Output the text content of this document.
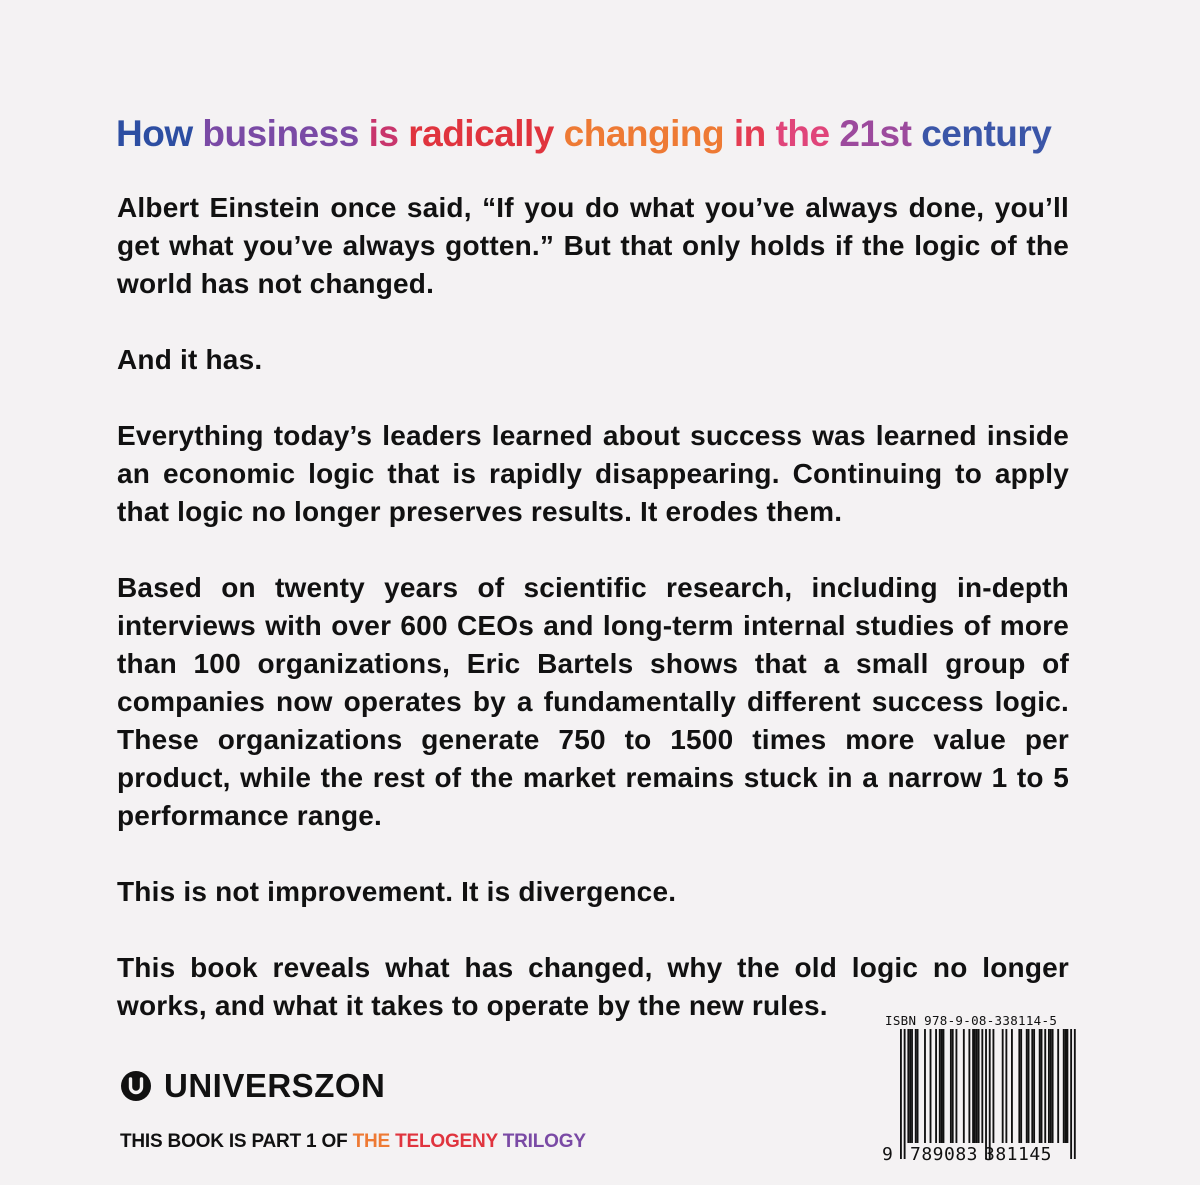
How business is radically changing in the 21st century

Albert Einstein once said, “If you do what you’ve always done, you’ll get what you’ve always gotten.” But that only holds if the logic of the world has not changed.

And it has.

Everything today’s leaders learned about success was learned inside an economic logic that is rapidly disappearing. Continuing to apply that logic no longer preserves results. It erodes them.

Based on twenty years of scientific research, including in-depth interviews with over 600 CEOs and long-term internal studies of more than 100 organizations, Eric Bartels shows that a small group of companies now operates by a fundamentally different success logic. These organizations generate 750 to 1500 times more value per product, while the rest of the market remains stuck in a narrow 1 to 5 performance range.

This is not improvement. It is divergence.

This book reveals what has changed, why the old logic no longer works, and what it takes to operate by the new rules.

UNIVERSZON
THIS BOOK IS PART 1 OF THE TELOGENY TRILOGY
ISBN 978-9-08-338114-5
9 789083 381145
